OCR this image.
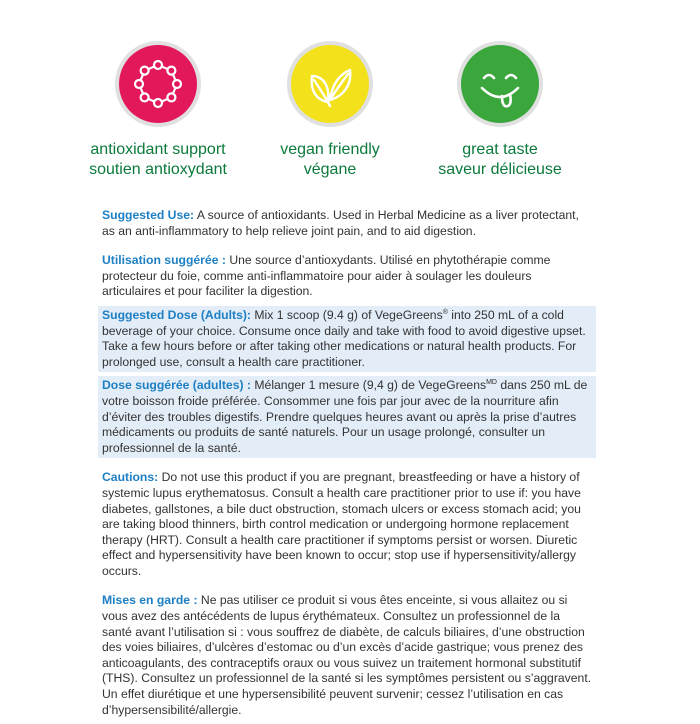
antioxidant support
soutien antioxydant
vegan friendly
végane
great taste
saveur délicieuse
Suggested Use: A source of antioxidants. Used in Herbal Medicine as a liver protectant, as an anti-inflammatory to help relieve joint pain, and to aid digestion.
Utilisation suggérée : Une source d’antioxydants. Utilisé en phytothérapie comme protecteur du foie, comme anti-inflammatoire pour aider à soulager les douleurs articulaires et pour faciliter la digestion.
Suggested Dose (Adults): Mix 1 scoop (9.4 g) of VegeGreens® into 250 mL of a cold beverage of your choice. Consume once daily and take with food to avoid digestive upset. Take a few hours before or after taking other medications or natural health products. For prolonged use, consult a health care practitioner.
Dose suggérée (adultes) : Mélanger 1 mesure (9,4 g) de VegeGreens$^{MD}$ dans 250 mL de votre boisson froide préférée. Consommer une fois par jour avec de la nourriture afin d’éviter des troubles digestifs. Prendre quelques heures avant ou après la prise d’autres médicaments ou produits de santé naturels. Pour un usage prolongé, consulter un professionnel de la santé.
Cautions: Do not use this product if you are pregnant, breastfeeding or have a history of systemic lupus erythematosus. Consult a health care practitioner prior to use if: you have diabetes, gallstones, a bile duct obstruction, stomach ulcers or excess stomach acid; you are taking blood thinners, birth control medication or undergoing hormone replacement therapy (HRT). Consult a health care practitioner if symptoms persist or worsen. Diuretic effect and hypersensitivity have been known to occur; stop use if hypersensitivity/allergy occurs.
Mises en garde : Ne pas utiliser ce produit si vous êtes enceinte, si vous allaitez ou si vous avez des antécédents de lupus érythémateux. Consultez un professionnel de la santé avant l’utilisation si : vous souffrez de diabète, de calculs biliaires, d’une obstruction des voies biliaires, d’ulcères d’estomac ou d’un excès d’acide gastrique; vous prenez des anticoagulants, des contraceptifs oraux ou vous suivez un traitement hormonal substitutif (THS). Consultez un professionnel de la santé si les symptômes persistent ou s’aggravent. Un effet diurétique et une hypersensibilité peuvent survenir; cessez l’utilisation en cas d’hypersensibilité/allergie.
